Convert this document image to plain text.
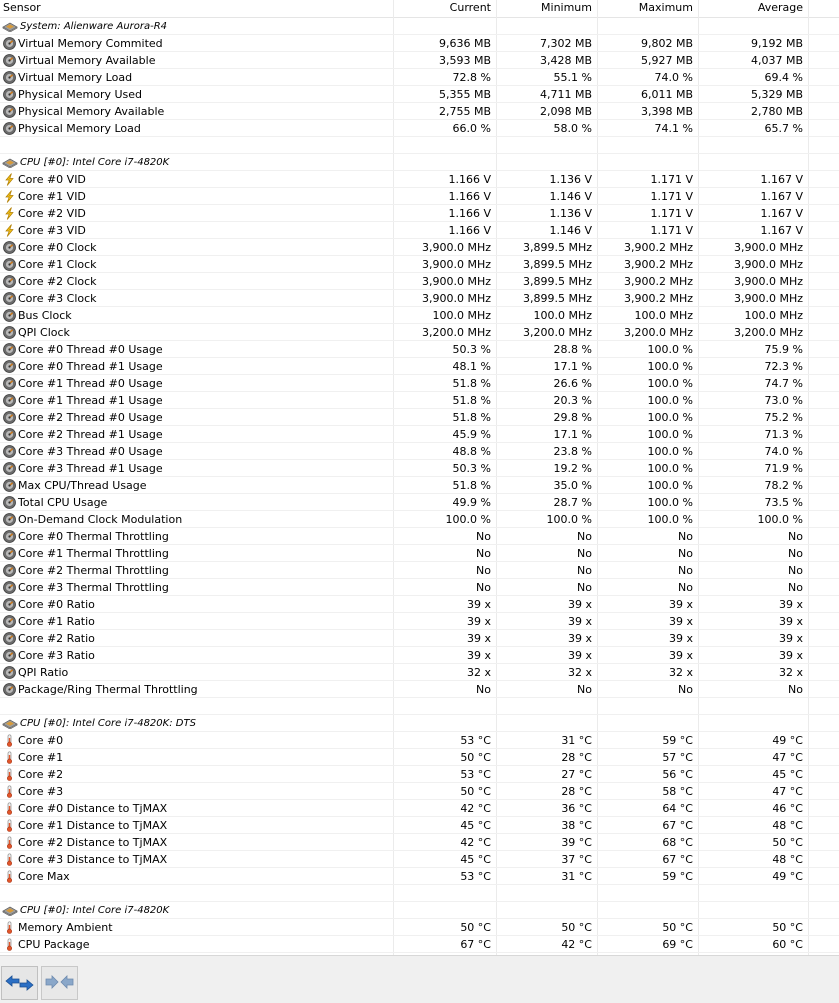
Sensor	Current	Minimum	Maximum	Average
System: Alienware Aurora-R4
Virtual Memory Commited	9,636 MB	7,302 MB	9,802 MB	9,192 MB
Virtual Memory Available	3,593 MB	3,428 MB	5,927 MB	4,037 MB
Virtual Memory Load	72.8 %	55.1 %	74.0 %	69.4 %
Physical Memory Used	5,355 MB	4,711 MB	6,011 MB	5,329 MB
Physical Memory Available	2,755 MB	2,098 MB	3,398 MB	2,780 MB
Physical Memory Load	66.0 %	58.0 %	74.1 %	65.7 %
CPU [#0]: Intel Core i7-4820K
Core #0 VID	1.166 V	1.136 V	1.171 V	1.167 V
Core #1 VID	1.166 V	1.146 V	1.171 V	1.167 V
Core #2 VID	1.166 V	1.136 V	1.171 V	1.167 V
Core #3 VID	1.166 V	1.146 V	1.171 V	1.167 V
Core #0 Clock	3,900.0 MHz	3,899.5 MHz	3,900.2 MHz	3,900.0 MHz
Core #1 Clock	3,900.0 MHz	3,899.5 MHz	3,900.2 MHz	3,900.0 MHz
Core #2 Clock	3,900.0 MHz	3,899.5 MHz	3,900.2 MHz	3,900.0 MHz
Core #3 Clock	3,900.0 MHz	3,899.5 MHz	3,900.2 MHz	3,900.0 MHz
Bus Clock	100.0 MHz	100.0 MHz	100.0 MHz	100.0 MHz
QPI Clock	3,200.0 MHz	3,200.0 MHz	3,200.0 MHz	3,200.0 MHz
Core #0 Thread #0 Usage	50.3 %	28.8 %	100.0 %	75.9 %
Core #0 Thread #1 Usage	48.1 %	17.1 %	100.0 %	72.3 %
Core #1 Thread #0 Usage	51.8 %	26.6 %	100.0 %	74.7 %
Core #1 Thread #1 Usage	51.8 %	20.3 %	100.0 %	73.0 %
Core #2 Thread #0 Usage	51.8 %	29.8 %	100.0 %	75.2 %
Core #2 Thread #1 Usage	45.9 %	17.1 %	100.0 %	71.3 %
Core #3 Thread #0 Usage	48.8 %	23.8 %	100.0 %	74.0 %
Core #3 Thread #1 Usage	50.3 %	19.2 %	100.0 %	71.9 %
Max CPU/Thread Usage	51.8 %	35.0 %	100.0 %	78.2 %
Total CPU Usage	49.9 %	28.7 %	100.0 %	73.5 %
On-Demand Clock Modulation	100.0 %	100.0 %	100.0 %	100.0 %
Core #0 Thermal Throttling	No	No	No	No
Core #1 Thermal Throttling	No	No	No	No
Core #2 Thermal Throttling	No	No	No	No
Core #3 Thermal Throttling	No	No	No	No
Core #0 Ratio	39 x	39 x	39 x	39 x
Core #1 Ratio	39 x	39 x	39 x	39 x
Core #2 Ratio	39 x	39 x	39 x	39 x
Core #3 Ratio	39 x	39 x	39 x	39 x
QPI Ratio	32 x	32 x	32 x	32 x
Package/Ring Thermal Throttling	No	No	No	No
CPU [#0]: Intel Core i7-4820K: DTS
Core #0	53 °C	31 °C	59 °C	49 °C
Core #1	50 °C	28 °C	57 °C	47 °C
Core #2	53 °C	27 °C	56 °C	45 °C
Core #3	50 °C	28 °C	58 °C	47 °C
Core #0 Distance to TjMAX	42 °C	36 °C	64 °C	46 °C
Core #1 Distance to TjMAX	45 °C	38 °C	67 °C	48 °C
Core #2 Distance to TjMAX	42 °C	39 °C	68 °C	50 °C
Core #3 Distance to TjMAX	45 °C	37 °C	67 °C	48 °C
Core Max	53 °C	31 °C	59 °C	49 °C
CPU [#0]: Intel Core i7-4820K
Memory Ambient	50 °C	50 °C	50 °C	50 °C
CPU Package	67 °C	42 °C	69 °C	60 °C
